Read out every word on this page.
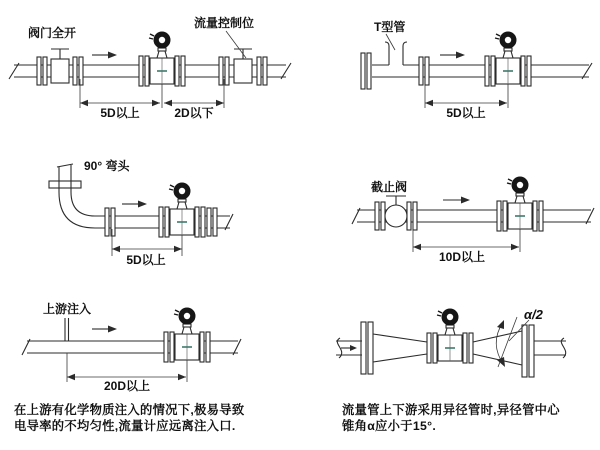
阀门全开
流量控制位
5D以上	2D以下
T型管
5D以上
90° 弯头
5D以上
截止阀
10D以上
上游注入
20D以上
在上游有化学物质注入的情况下,极易导致
电导率的不均匀性,流量计应远离注入口.
α/2
流量管上下游采用异径管时,异径管中心
锥角α应小于15°.
